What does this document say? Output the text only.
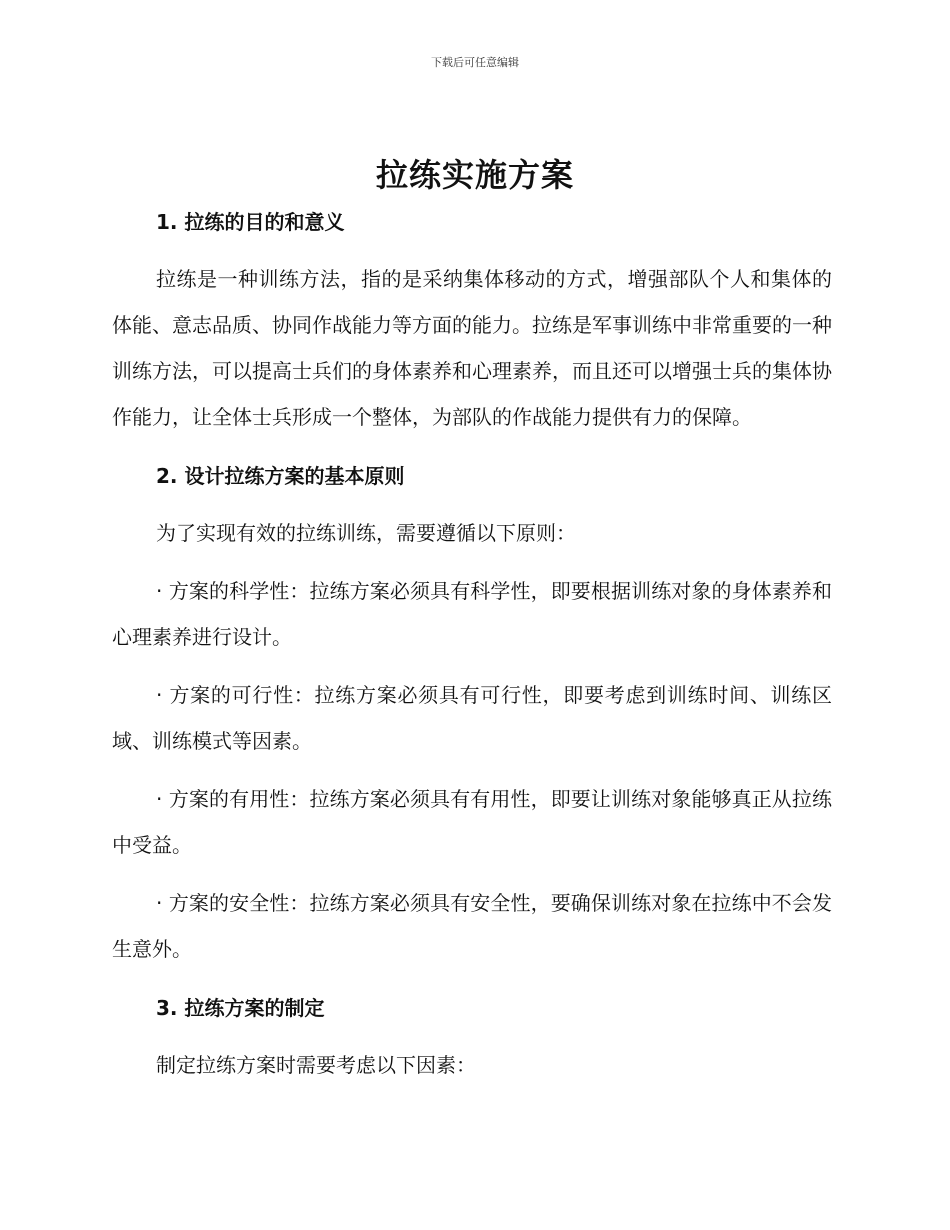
下载后可任意编辑
拉练实施方案
1. 拉练的目的和意义

拉练是一种训练方法，指的是采纳集体移动的方式，增强部队个人和集体的体能、意志品质、协同作战能力等方面的能力。拉练是军事训练中非常重要的一种训练方法，可以提高士兵们的身体素养和心理素养，而且还可以增强士兵的集体协作能力，让全体士兵形成一个整体，为部队的作战能力提供有力的保障。

2. 设计拉练方案的基本原则

为了实现有效的拉练训练，需要遵循以下原则：

· 方案的科学性：拉练方案必须具有科学性，即要根据训练对象的身体素养和心理素养进行设计。

· 方案的可行性：拉练方案必须具有可行性，即要考虑到训练时间、训练区域、训练模式等因素。

· 方案的有用性：拉练方案必须具有有用性，即要让训练对象能够真正从拉练中受益。

· 方案的安全性：拉练方案必须具有安全性，要确保训练对象在拉练中不会发生意外。

3. 拉练方案的制定

制定拉练方案时需要考虑以下因素：
